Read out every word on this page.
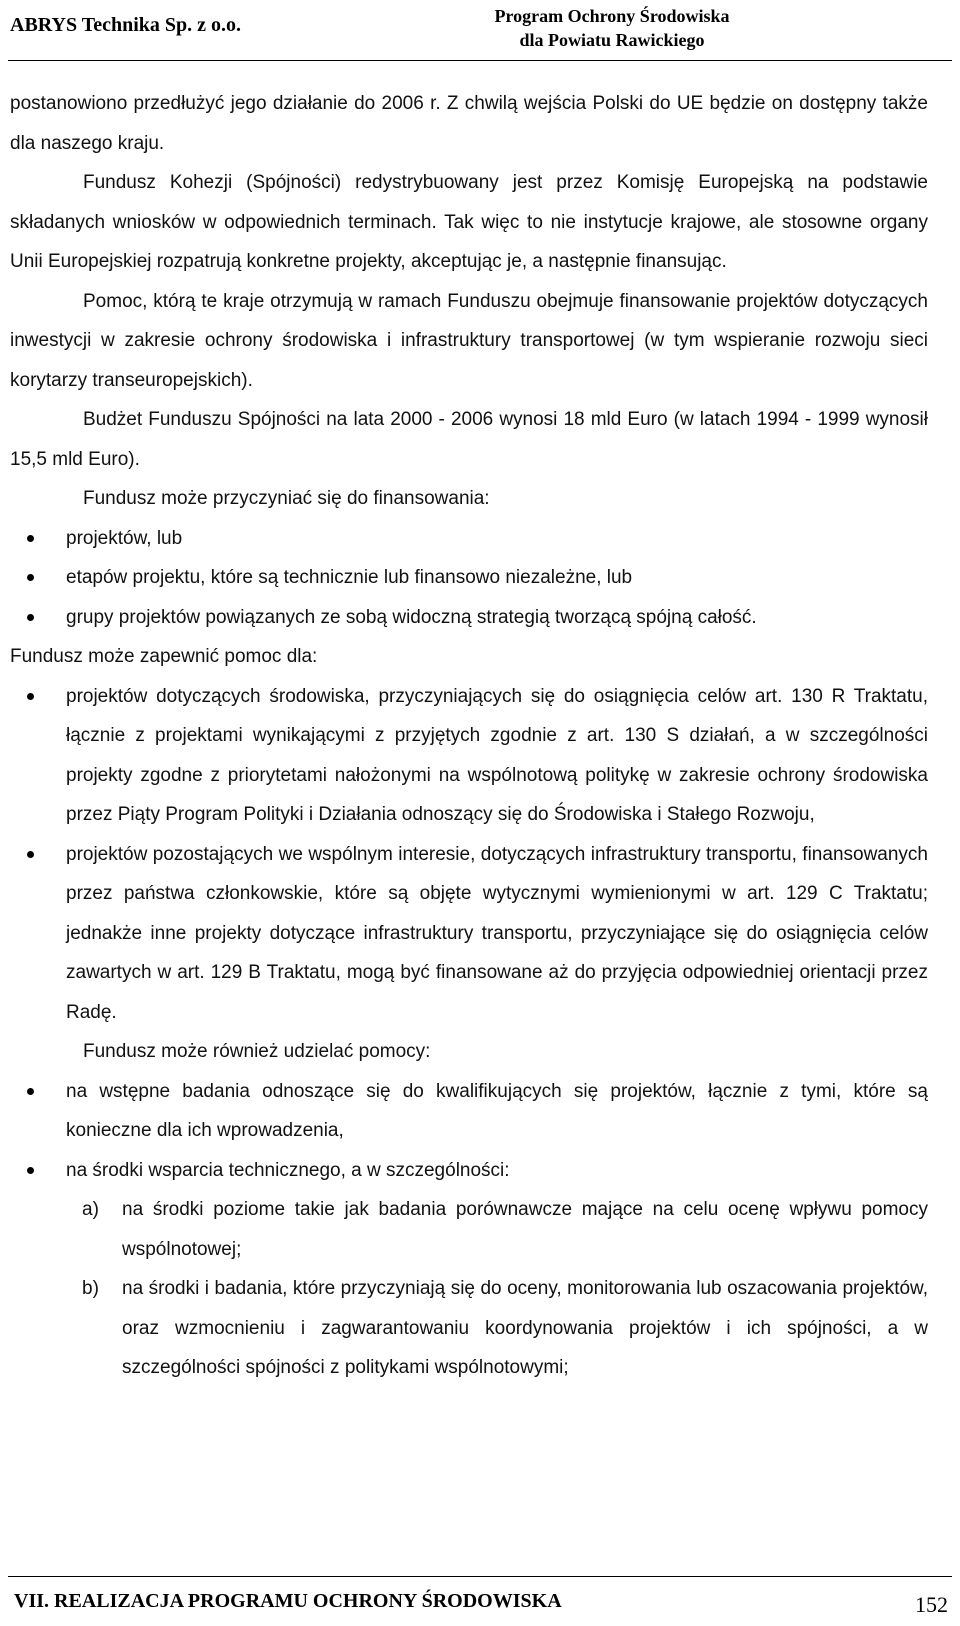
ABRYS Technika Sp. z o.o.	Program Ochrony Środowiska
dla Powiatu Rawickiego

postanowiono przedłużyć jego działanie do 2006 r. Z chwilą wejścia Polski do UE będzie on dostępny także dla naszego kraju.

Fundusz Kohezji (Spójności) redystrybuowany jest przez Komisję Europejską na podstawie składanych wniosków w odpowiednich terminach. Tak więc to nie instytucje krajowe, ale stosowne organy Unii Europejskiej rozpatrują konkretne projekty, akceptując je, a następnie finansując.

Pomoc, którą te kraje otrzymują w ramach Funduszu obejmuje finansowanie projektów dotyczących inwestycji w zakresie ochrony środowiska i infrastruktury transportowej (w tym wspieranie rozwoju sieci korytarzy transeuropejskich).

Budżet Funduszu Spójności na lata 2000 - 2006 wynosi 18 mld Euro (w latach 1994 - 1999 wynosił 15,5 mld Euro).

Fundusz może przyczyniać się do finansowania:

projektów, lub
etapów projektu, które są technicznie lub finansowo niezależne, lub
grupy projektów powiązanych ze sobą widoczną strategią tworzącą spójną całość.

Fundusz może zapewnić pomoc dla:

projektów dotyczących środowiska, przyczyniających się do osiągnięcia celów art. 130 R Traktatu, łącznie z projektami wynikającymi z przyjętych zgodnie z art. 130 S działań, a w szczególności projekty zgodne z priorytetami nałożonymi na wspólnotową politykę w zakresie ochrony środowiska przez Piąty Program Polityki i Działania odnoszący się do Środowiska i Stałego Rozwoju,
projektów pozostających we wspólnym interesie, dotyczących infrastruktury transportu, finansowanych przez państwa członkowskie, które są objęte wytycznymi wymienionymi w art. 129 C Traktatu; jednakże inne projekty dotyczące infrastruktury transportu, przyczyniające się do osiągnięcia celów zawartych w art. 129 B Traktatu, mogą być finansowane aż do przyjęcia odpowiedniej orientacji przez Radę.

Fundusz może również udzielać pomocy:

na wstępne badania odnoszące się do kwalifikujących się projektów, łącznie z tymi, które są konieczne dla ich wprowadzenia,
na środki wsparcia technicznego, a w szczególności:
a) na środki poziome takie jak badania porównawcze mające na celu ocenę wpływu pomocy wspólnotowej;
b) na środki i badania, które przyczyniają się do oceny, monitorowania lub oszacowania projektów, oraz wzmocnieniu i zagwarantowaniu koordynowania projektów i ich spójności, a w szczególności spójności z politykami wspólnotowymi;
VII. REALIZACJA PROGRAMU OCHRONY ŚRODOWISKA	152
